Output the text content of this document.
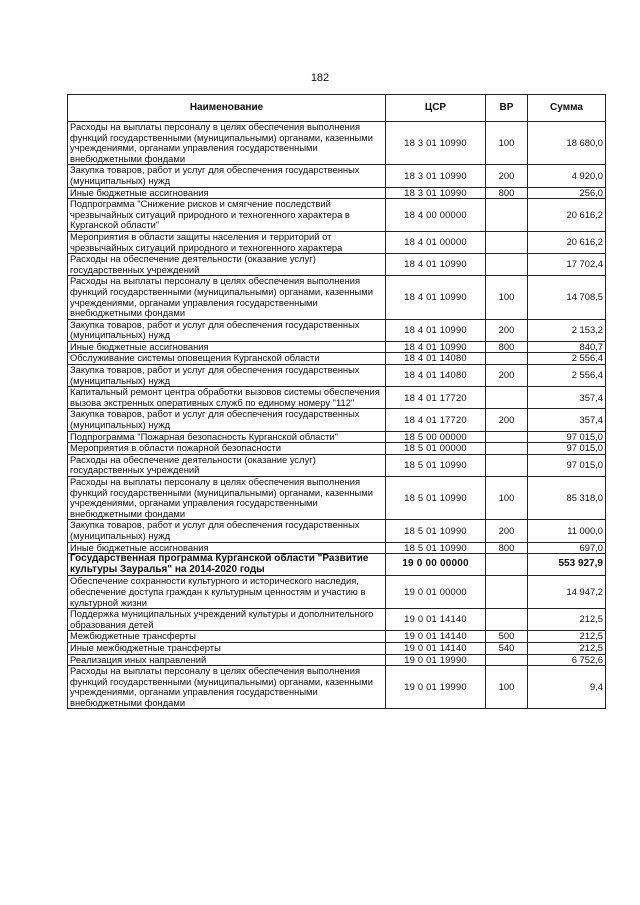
182
Наименование	ЦСР	ВР	Сумма
Расходы на выплаты персоналу в целях обеспечения выполнения функций государственными (муниципальными) органами, казенными учреждениями, органами управления государственными внебюджетными фондами	18 3 01 10990	100	18 680,0
Закупка товаров, работ и услуг для обеспечения государственных (муниципальных) нужд	18 3 01 10990	200	4 920,0
Иные бюджетные ассигнования	18 3 01 10990	800	256,0
Подпрограмма "Снижение рисков и смягчение последствий чрезвычайных ситуаций природного и техногенного характера в Курганской области"	18 4 00 00000		20 616,2
Мероприятия в области защиты населения и территорий от чрезвычайных ситуаций природного и техногенного характера	18 4 01 00000		20 616,2
Расходы на обеспечение деятельности (оказание услуг) государственных учреждений	18 4 01 10990		17 702,4
Расходы на выплаты персоналу в целях обеспечения выполнения функций государственными (муниципальными) органами, казенными учреждениями, органами управления государственными внебюджетными фондами	18 4 01 10990	100	14 708,5
Закупка товаров, работ и услуг для обеспечения государственных (муниципальных) нужд	18 4 01 10990	200	2 153,2
Иные бюджетные ассигнования	18 4 01 10990	800	840,7
Обслуживание системы оповещения Курганской области	18 4 01 14080		2 556,4
Закупка товаров, работ и услуг для обеспечения государственных (муниципальных) нужд	18 4 01 14080	200	2 556,4
Капитальный ремонт центра обработки вызовов системы обеспечения вызова экстренных оперативных служб по единому номеру "112"	18 4 01 17720		357,4
Закупка товаров, работ и услуг для обеспечения государственных (муниципальных) нужд	18 4 01 17720	200	357,4
Подпрограмма "Пожарная безопасность Курганской области"	18 5 00 00000		97 015,0
Мероприятия в области пожарной безопасности	18 5 01 00000		97 015,0
Расходы на обеспечение деятельности (оказание услуг) государственных учреждений	18 5 01 10990		97 015,0
Расходы на выплаты персоналу в целях обеспечения выполнения функций государственными (муниципальными) органами, казенными учреждениями, органами управления государственными внебюджетными фондами	18 5 01 10990	100	85 318,0
Закупка товаров, работ и услуг для обеспечения государственных (муниципальных) нужд	18 5 01 10990	200	11 000,0
Иные бюджетные ассигнования	18 5 01 10990	800	697,0
Государственная программа Курганской области "Развитие культуры Зауралья" на 2014-2020 годы	19 0 00 00000		553 927,9
Обеспечение сохранности культурного и исторического наследия, обеспечение доступа граждан к культурным ценностям и участию в культурной жизни	19 0 01 00000		14 947,2
Поддержка муниципальных учреждений культуры и дополнительного образования детей	19 0 01 14140		212,5
Межбюджетные трансферты	19 0 01 14140	500	212,5
Иные межбюджетные трансферты	19 0 01 14140	540	212,5
Реализация иных направлений	19 0 01 19990		6 752,6
Расходы на выплаты персоналу в целях обеспечения выполнения функций государственными (муниципальными) органами, казенными учреждениями, органами управления государственными внебюджетными фондами	19 0 01 19990	100	9,4
